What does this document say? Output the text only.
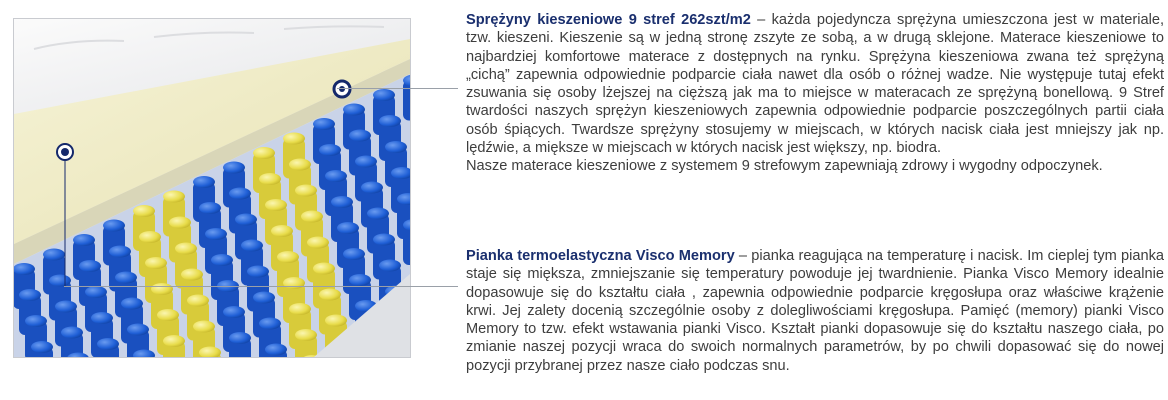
Sprężyny kieszeniowe 9 stref 262szt/m2 – każda pojedyncza sprężyna umieszczona jest w materiale, tzw. kieszeni. Kieszenie są w jedną stronę zszyte ze sobą, a w drugą sklejone. Materace kieszeniowe to najbardziej komfortowe materace z dostępnych na rynku. Sprężyna kieszeniowa zwana też sprężyną „cichą” zapewnia odpowiednie podparcie ciała nawet dla osób o różnej wadze. Nie występuje tutaj efekt zsuwania się osoby lżejszej na cięższą jak ma to miejsce w materacach ze sprężyną bonellową. 9 Stref twardości naszych sprężyn kieszeniowych zapewnia odpowiednie podparcie poszczególnych partii ciała osób śpiących. Twardsze sprężyny stosujemy w miejscach, w których nacisk ciała jest mniejszy jak np. lędźwie, a miększe w miejscach w których nacisk jest większy, np. biodra.

Nasze materace kieszeniowe z systemem 9 strefowym zapewniają zdrowy i wygodny odpoczynek.

Pianka termoelastyczna Visco Memory – pianka reagująca na temperaturę i nacisk. Im cieplej tym pianka staje się miększa, zmniejszanie się temperatury powoduje jej twardnienie. Pianka Visco Memory idealnie dopasowuje się do kształtu ciała , zapewnia odpowiednie podparcie kręgosłupa oraz właściwe krążenie krwi. Jej zalety docenią szczególnie osoby z dolegliwościami kręgosłupa. Pamięć (memory) pianki Visco Memory to tzw. efekt wstawania pianki Visco. Kształt pianki dopasowuje się do kształtu naszego ciała, po zmianie naszej pozycji wraca do swoich normalnych parametrów, by po chwili dopasować się do nowej pozycji przybranej przez nasze ciało podczas snu.
